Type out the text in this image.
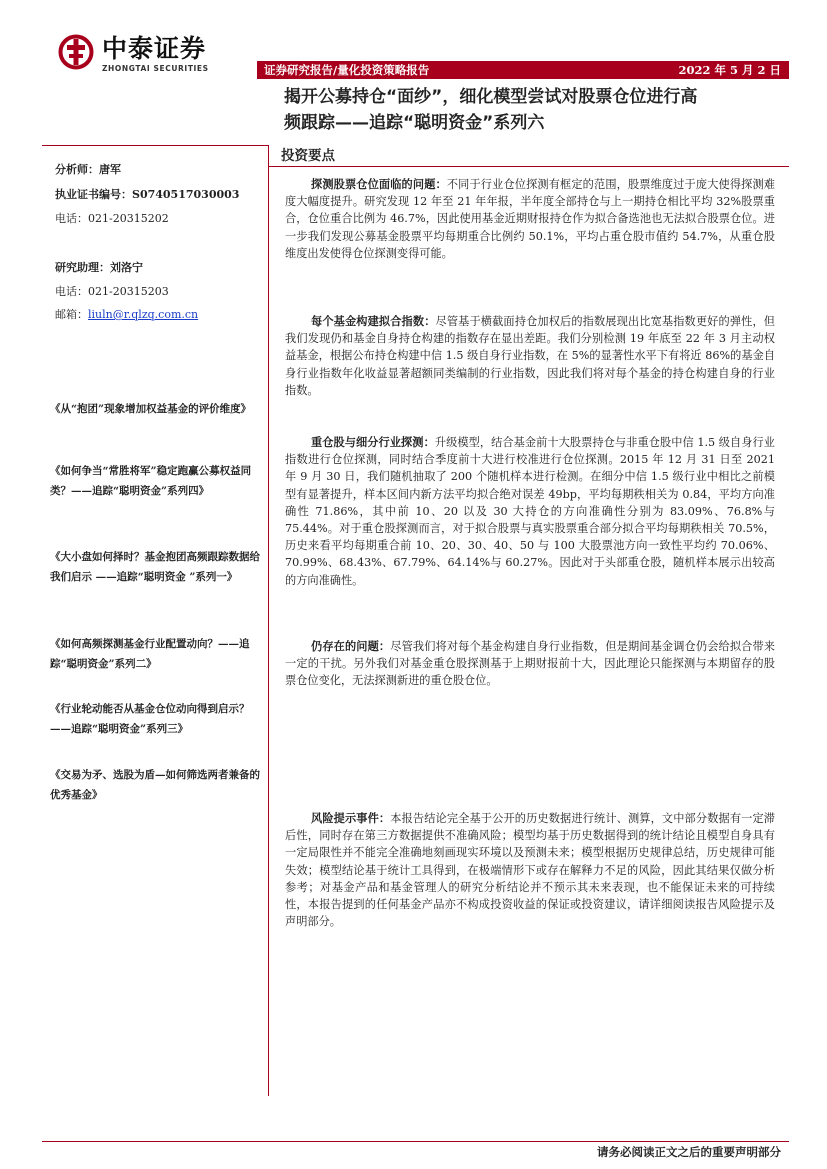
中泰证券
ZHONGTAI SECURITIES	证券研究报告/量化投资策略报告	2022 年 5 月 2 日
揭开公募持仓“面纱”，细化模型尝试对股票仓位进行高
频跟踪——追踪“聪明资金”系列六
投资要点
分析师：唐军
执业证书编号：S0740517030003
电话：021-20315202
研究助理：刘洛宁
电话：021-20315203
邮箱：liuln@r.qlzq.com.cn
《从“抱团”现象增加权益基金的评价维度》
《如何争当“常胜将军”稳定跑赢公募权益同类？——追踪“聪明资金”系列四》
《大小盘如何择时？基金抱团高频跟踪数据给我们启示 ——追踪“聪明资金 ”系列一》
《如何高频探测基金行业配置动向？——追踪“聪明资金”系列二》
《行业轮动能否从基金仓位动向得到启示？——追踪“聪明资金”系列三》
《交易为矛、选股为盾—如何筛选两者兼备的优秀基金》
探测股票仓位面临的问题：不同于行业仓位探测有框定的范围，股票维度过于庞大使得探测难度大幅度提升。研究发现 12 年至 21 年年报，半年度全部持仓与上一期持仓相比平均 32%股票重合，仓位重合比例为 46.7%，因此使用基金近期财报持仓作为拟合备选池也无法拟合股票仓位。进一步我们发现公募基金股票平均每期重合比例约 50.1%，平均占重仓股市值约 54.7%，从重仓股维度出发使得仓位探测变得可能。
每个基金构建拟合指数：尽管基于横截面持仓加权后的指数展现出比宽基指数更好的弹性，但我们发现仍和基金自身持仓构建的指数存在显出差距。我们分别检测 19 年底至 22 年 3 月主动权益基金，根据公布持仓构建中信 1.5 级自身行业指数，在 5%的显著性水平下有将近 86%的基金自身行业指数年化收益显著超额同类编制的行业指数，因此我们将对每个基金的持仓构建自身的行业指数。
重仓股与细分行业探测：升级模型，结合基金前十大股票持仓与非重仓股中信 1.5 级自身行业指数进行仓位探测，同时结合季度前十大进行校准进行仓位探测。2015 年 12 月 31 日至 2021 年 9 月 30 日，我们随机抽取了 200 个随机样本进行检测。在细分中信 1.5 级行业中相比之前模型有显著提升，样本区间内新方法平均拟合绝对误差 49bp，平均每期秩相关为 0.84，平均方向准确性 71.86%，其中前 10、20 以及 30 大持仓的方向准确性分别为 83.09%、76.8%与 75.44%。对于重仓股探测而言，对于拟合股票与真实股票重合部分拟合平均每期秩相关 70.5%，历史来看平均每期重合前 10、20、30、40、50 与 100 大股票池方向一致性平均约 70.06%、70.99%、68.43%、67.79%、64.14%与 60.27%。因此对于头部重仓股，随机样本展示出较高的方向准确性。
仍存在的问题：尽管我们将对每个基金构建自身行业指数，但是期间基金调仓仍会给拟合带来一定的干扰。另外我们对基金重仓股探测基于上期财报前十大，因此理论只能探测与本期留存的股票仓位变化，无法探测新进的重仓股仓位。
风险提示事件：本报告结论完全基于公开的历史数据进行统计、测算，文中部分数据有一定滞后性，同时存在第三方数据提供不准确风险；模型均基于历史数据得到的统计结论且模型自身具有一定局限性并不能完全准确地刻画现实环境以及预测未来；模型根据历史规律总结，历史规律可能失效；模型结论基于统计工具得到，在极端情形下或存在解释力不足的风险，因此其结果仅做分析参考；对基金产品和基金管理人的研究分析结论并不预示其未来表现，也不能保证未来的可持续性，本报告提到的任何基金产品亦不构成投资收益的保证或投资建议，请详细阅读报告风险提示及声明部分。
请务必阅读正文之后的重要声明部分
